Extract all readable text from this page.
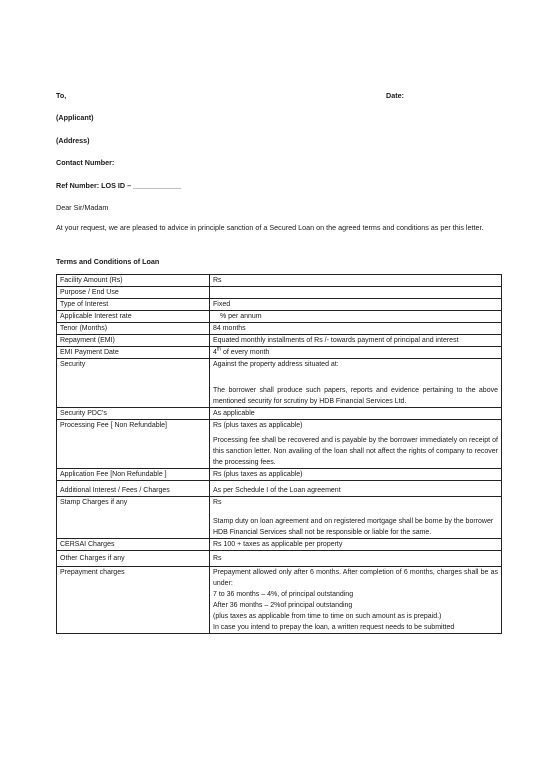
To,	Date:
(Applicant)
(Address)
Contact Number:
Ref Number: LOS ID – ____________
Dear Sir/Madam
At your request, we are pleased to advice in principle sanction of a Secured Loan on the agreed terms and conditions as per this letter.
Terms and Conditions of Loan
Facility Amount (Rs)	Rs
Purpose / End Use	
Type of Interest	Fixed
Applicable Interest rate	% per annum
Tenor (Months)	84 months
Repayment (EMI)	Equated monthly installments of Rs /- towards payment of principal and interest
EMI Payment Date	4th of every month
Security	Against the property address situated at:
The borrower shall produce such papers, reports and evidence pertaining to the above mentioned security for scrutiny by HDB Financial Services Ltd.

Security PDC's	As applicable
Processing Fee [ Non Refundable]	Rs (plus taxes as applicable)
Processing fee shall be recovered and is payable by the borrower immediately on receipt of this sanction letter. Non availing of the loan shall not affect the rights of company to recover the processing fees.

Application Fee [Non Refundable ]	Rs (plus taxes as applicable)
Additional Interest / Fees / Charges	As per Schedule I of the Loan agreement
Stamp Charges if any	Rs
Stamp duty on loan agreement and on registered mortgage shall be borne by the borrower
HDB Financial Services shall not be responsible or liable for the same.

CERSAI Charges	Rs 100 + taxes as applicable per property
Other Charges if any	Rs
Prepayment charges	Prepayment allowed only after 6 months. After completion of 6 months, charges shall be as under:
7 to 36 months – 4%, of principal outstanding
After 36 months – 2%of principal outstanding
(plus taxes as applicable from time to time on such amount as is prepaid.)
In case you intend to prepay the loan, a written request needs to be submitted
